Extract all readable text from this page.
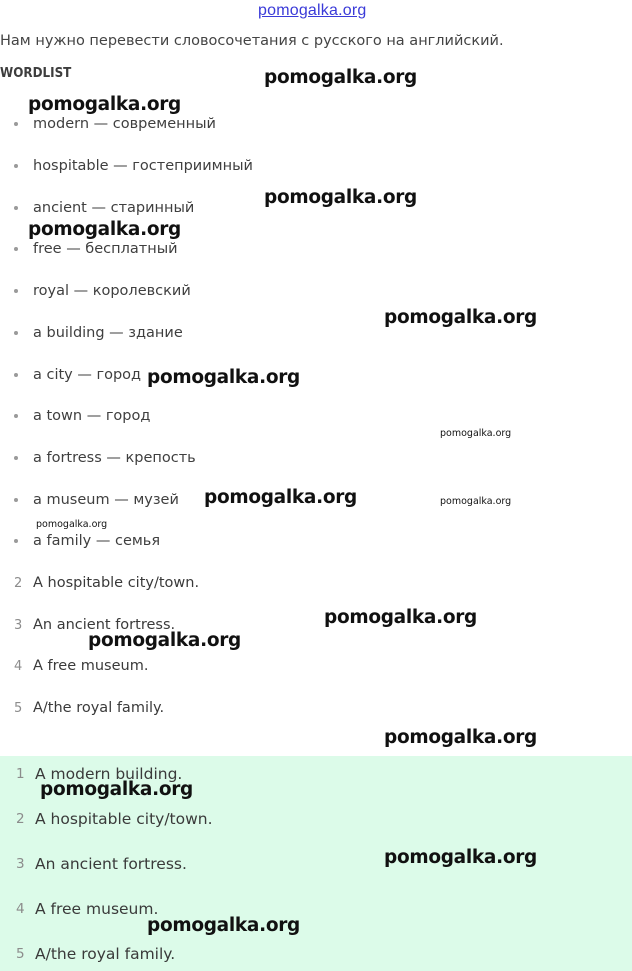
pomogalka.org
Нам нужно перевести словосочетания с русского на английский.
WORDLIST
modern — современный
hospitable — гостеприимный
ancient — старинный
free — бесплатный
royal — королевский
a building — здание
a city — город
a town — город
a fortress — крепость
a museum — музей
a family — семья
2 A hospitable city/town.
3 An ancient fortress.
4 A free museum.
5 A/the royal family.
1 A modern building.
2 A hospitable city/town.
3 An ancient fortress.
4 A free museum.
5 A/the royal family.
pomogalka.org
pomogalka.org
pomogalka.org
pomogalka.org
pomogalka.org
pomogalka.org
pomogalka.org
pomogalka.org	pomogalka.org
pomogalka.org
pomogalka.org
pomogalka.org
pomogalka.org
pomogalka.org
pomogalka.org
pomogalka.org
